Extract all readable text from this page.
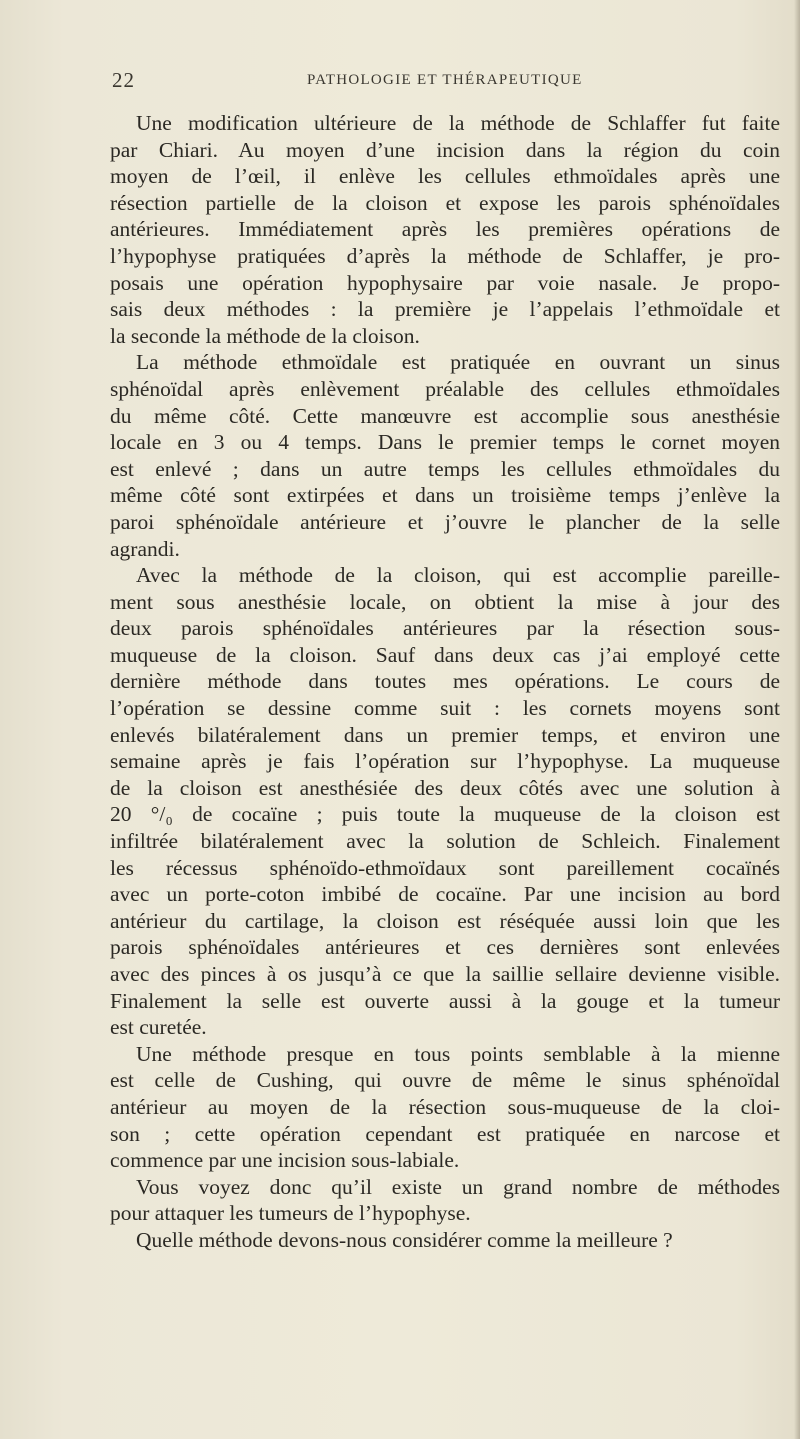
22	PATHOLOGIE ET THÉRAPEUTIQUE
Une modification ultérieure de la méthode de Schlaffer fut faite
par Chiari. Au moyen d’une incision dans la région du coin
moyen de l’œil, il enlève les cellules ethmoïdales après une
résection partielle de la cloison et expose les parois sphénoïdales
antérieures. Immédiatement après les premières opérations de
l’hypophyse pratiquées d’après la méthode de Schlaffer, je pro-
posais une opération hypophysaire par voie nasale. Je propo-
sais deux méthodes : la première je l’appelais l’ethmoïdale et
la seconde la méthode de la cloison.
La méthode ethmoïdale est pratiquée en ouvrant un sinus
sphénoïdal après enlèvement préalable des cellules ethmoïdales
du même côté. Cette manœuvre est accomplie sous anesthésie
locale en 3 ou 4 temps. Dans le premier temps le cornet moyen
est enlevé ; dans un autre temps les cellules ethmoïdales du
même côté sont extirpées et dans un troisième temps j’enlève la
paroi sphénoïdale antérieure et j’ouvre le plancher de la selle
agrandi.
Avec la méthode de la cloison, qui est accomplie pareille-
ment sous anesthésie locale, on obtient la mise à jour des
deux parois sphénoïdales antérieures par la résection sous-
muqueuse de la cloison. Sauf dans deux cas j’ai employé cette
dernière méthode dans toutes mes opérations. Le cours de
l’opération se dessine comme suit : les cornets moyens sont
enlevés bilatéralement dans un premier temps, et environ une
semaine après je fais l’opération sur l’hypophyse. La muqueuse
de la cloison est anesthésiée des deux côtés avec une solution à
20 °/₀ de cocaïne ; puis toute la muqueuse de la cloison est
infiltrée bilatéralement avec la solution de Schleich. Finalement
les récessus sphénoïdo-ethmoïdaux sont pareillement cocaïnés
avec un porte-coton imbibé de cocaïne. Par une incision au bord
antérieur du cartilage, la cloison est réséquée aussi loin que les
parois sphénoïdales antérieures et ces dernières sont enlevées
avec des pinces à os jusqu’à ce que la saillie sellaire devienne visible.
Finalement la selle est ouverte aussi à la gouge et la tumeur
est curetée.
Une méthode presque en tous points semblable à la mienne
est celle de Cushing, qui ouvre de même le sinus sphénoïdal
antérieur au moyen de la résection sous-muqueuse de la cloi-
son ; cette opération cependant est pratiquée en narcose et
commence par une incision sous-labiale.
Vous voyez donc qu’il existe un grand nombre de méthodes
pour attaquer les tumeurs de l’hypophyse.
Quelle méthode devons-nous considérer comme la meilleure ?
